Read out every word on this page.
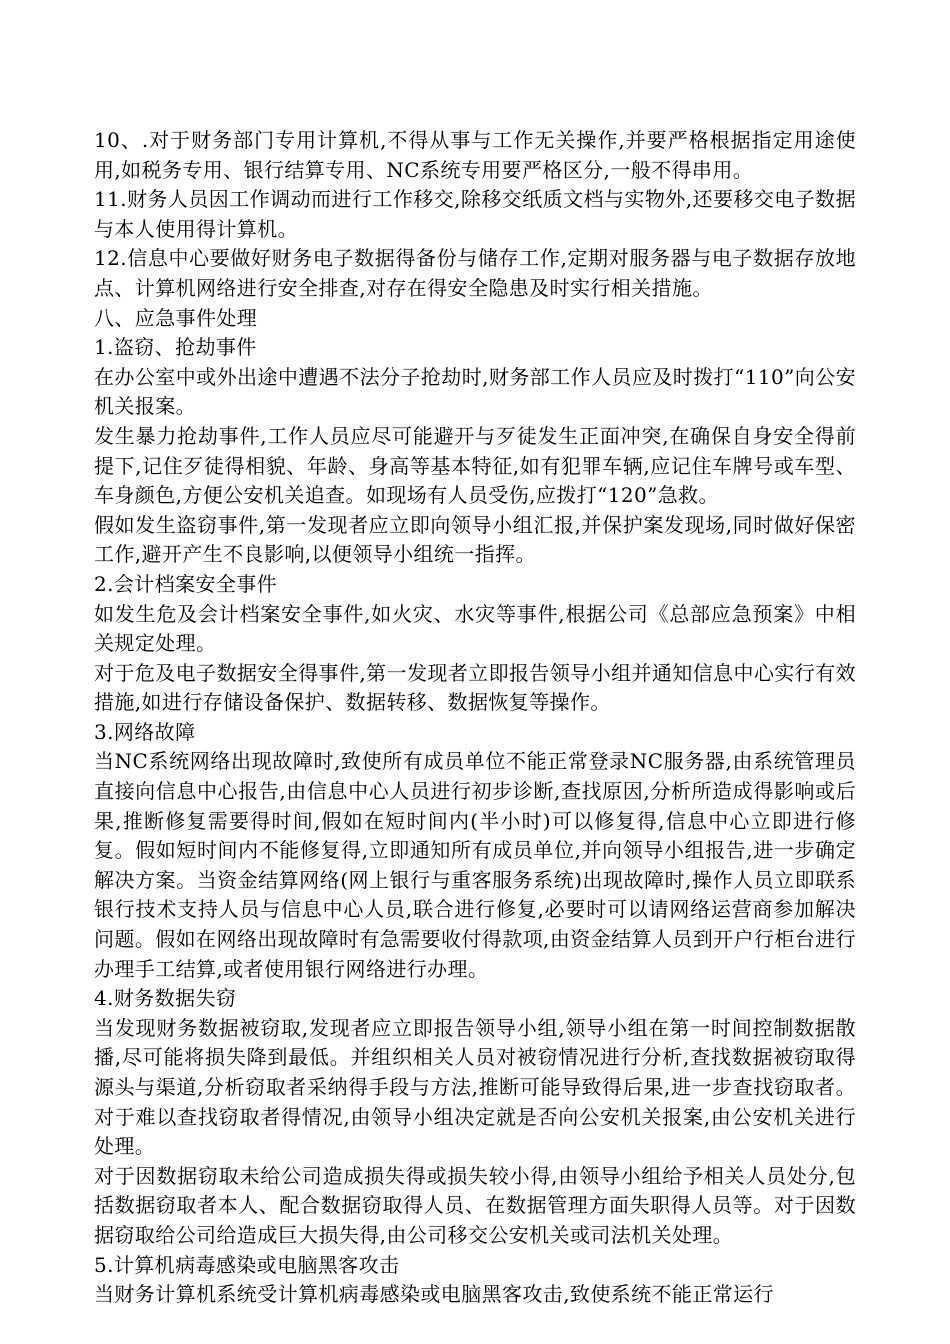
10、.对于财务部门专用计算机,不得从事与工作无关操作,并要严格根据指定用途使用,如税务专用、银行结算专用、NC系统专用要严格区分,一般不得串用。

11.财务人员因工作调动而进行工作移交,除移交纸质文档与实物外,还要移交电子数据与本人使用得计算机。

12.信息中心要做好财务电子数据得备份与储存工作,定期对服务器与电子数据存放地点、计算机网络进行安全排查,对存在得安全隐患及时实行相关措施。

八、应急事件处理

1.盗窃、抢劫事件

在办公室中或外出途中遭遇不法分子抢劫时,财务部工作人员应及时拨打“110”向公安机关报案。

发生暴力抢劫事件,工作人员应尽可能避开与歹徒发生正面冲突,在确保自身安全得前提下,记住歹徒得相貌、年龄、身高等基本特征,如有犯罪车辆,应记住车牌号或车型、车身颜色,方便公安机关追查。如现场有人员受伤,应拨打“120”急救。

假如发生盗窃事件,第一发现者应立即向领导小组汇报,并保护案发现场,同时做好保密工作,避开产生不良影响,以便领导小组统一指挥。

2.会计档案安全事件

如发生危及会计档案安全事件,如火灾、水灾等事件,根据公司《总部应急预案》中相关规定处理。

对于危及电子数据安全得事件,第一发现者立即报告领导小组并通知信息中心实行有效措施,如进行存储设备保护、数据转移、数据恢复等操作。

3.网络故障

当NC系统网络出现故障时,致使所有成员单位不能正常登录NC服务器,由系统管理员直接向信息中心报告,由信息中心人员进行初步诊断,查找原因,分析所造成得影响或后果,推断修复需要得时间,假如在短时间内(半小时)可以修复得,信息中心立即进行修复。假如短时间内不能修复得,立即通知所有成员单位,并向领导小组报告,进一步确定解决方案。当资金结算网络(网上银行与重客服务系统)出现故障时,操作人员立即联系银行技术支持人员与信息中心人员,联合进行修复,必要时可以请网络运营商参加解决问题。假如在网络出现故障时有急需要收付得款项,由资金结算人员到开户行柜台进行办理手工结算,或者使用银行网络进行办理。

4.财务数据失窃

当发现财务数据被窃取,发现者应立即报告领导小组,领导小组在第一时间控制数据散播,尽可能将损失降到最低。并组织相关人员对被窃情况进行分析,查找数据被窃取得源头与渠道,分析窃取者采纳得手段与方法,推断可能导致得后果,进一步查找窃取者。对于难以查找窃取者得情况,由领导小组决定就是否向公安机关报案,由公安机关进行处理。

对于因数据窃取未给公司造成损失得或损失较小得,由领导小组给予相关人员处分,包括数据窃取者本人、配合数据窃取得人员、在数据管理方面失职得人员等。对于因数据窃取给公司给造成巨大损失得,由公司移交公安机关或司法机关处理。

5.计算机病毒感染或电脑黑客攻击

当财务计算机系统受计算机病毒感染或电脑黑客攻击,致使系统不能正常运行
